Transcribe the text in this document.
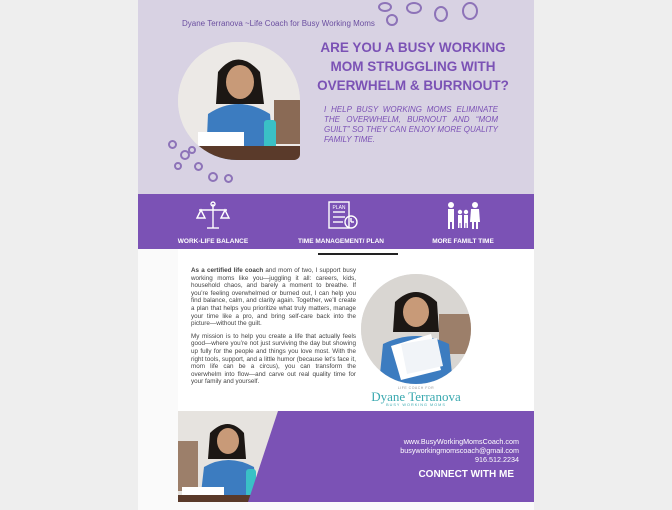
Dyane Terranova ~Life Coach for Busy Working Moms
ARE YOU A BUSY WORKING MOM STRUGGLING WITH OVERWHELM & BURRNOUT?
I HELP BUSY WORKING MOMS ELIMINATE THE OVERWHELM, BURNOUT AND “MOM GUILT” SO THEY CAN ENJOY MORE QUALITY FAMILY TIME.
WORK-LIFE BALANCE
PLAN
TIME MANAGEMENT/ PLAN	MORE FAMILT TIME

As a certified life coach and mom of two, I support busy working moms like you—juggling it all: careers, kids, household chaos, and barely a moment to breathe. If you’re feeling overwhelmed or burned out, I can help you find balance, calm, and clarity again. Together, we’ll create a plan that helps you prioritize what truly matters, manage your time like a pro, and bring self-care back into the picture—without the guilt.

My mission is to help you create a life that actually feels good—where you’re not just surviving the day but showing up fully for the people and things you love most. With the right tools, support, and a little humor (because let’s face it, mom life can be a circus), you can transform the overwhelm into flow—and carve out real quality time for your family and yourself.

LIFE COACH FOR
Dyane Terranova
BUSY WORKING MOMS
www.BusyWorkingMomsCoach.com
busyworkingmomscoach@gmail.com
916.512.2234
CONNECT WITH ME
